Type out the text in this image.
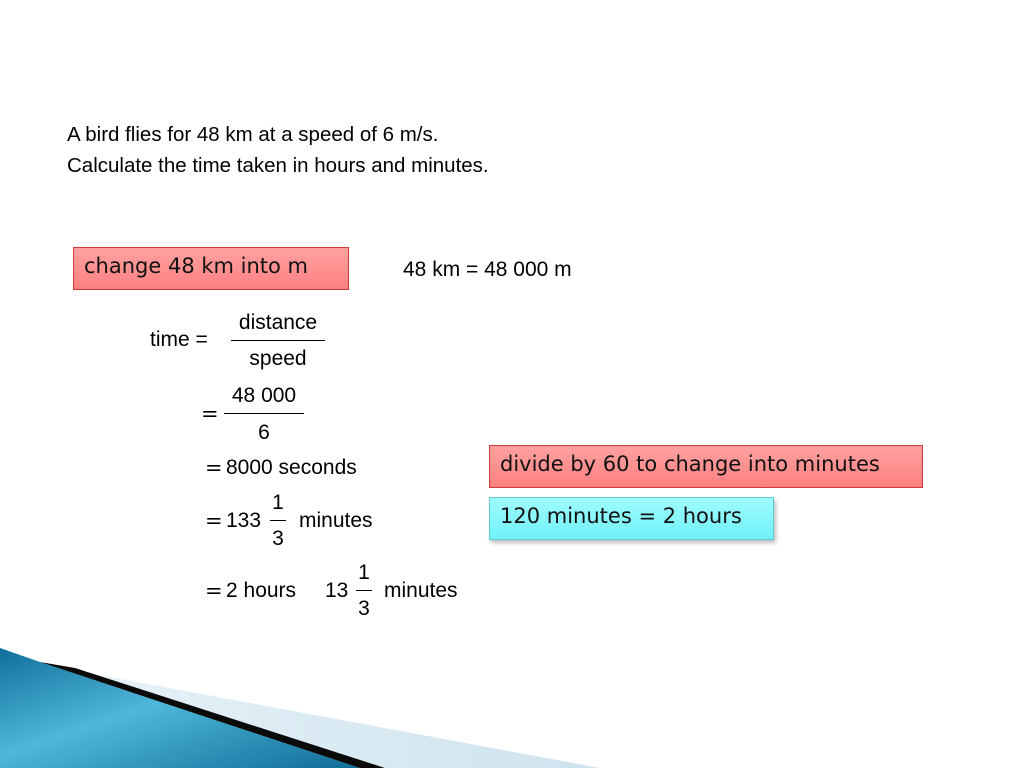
A bird flies for 48 km at a speed of 6 m/s.
Calculate the time taken in hours and minutes.
change 48 km into m	48 km = 48 000 m
time =
distance
speed
=
48 000
6
= 8000 seconds
= 133
1
3
minutes
= 2 hours 13
1
3
minutes
divide by 60 to change into minutes
120 minutes = 2 hours
